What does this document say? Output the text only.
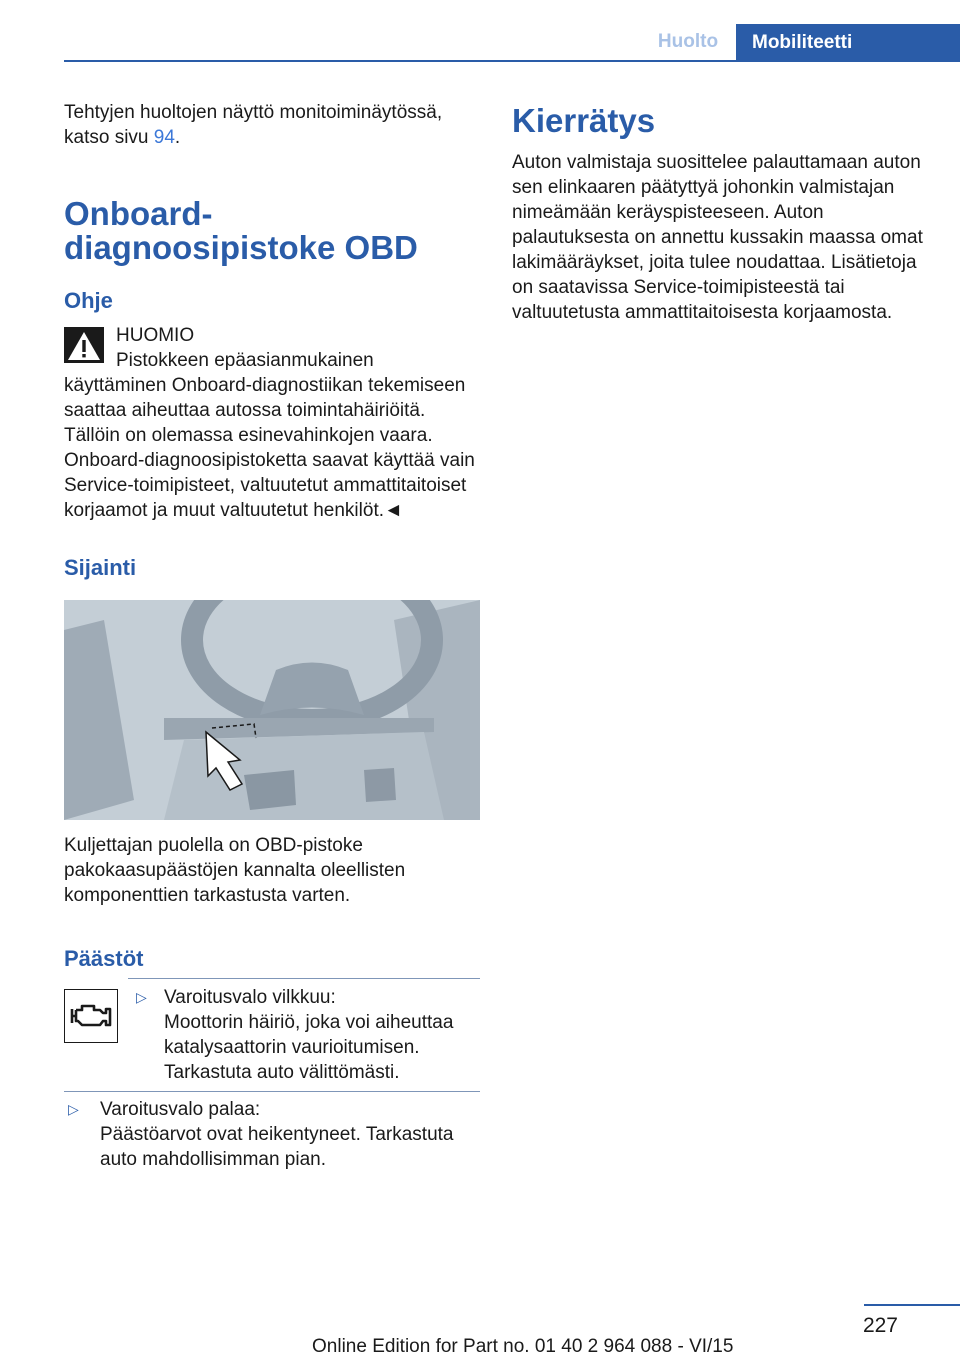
Huolto	Mobiliteetti

Tehtyjen huoltojen näyttö monitoiminäytössä, katso sivu 94.

Onboard-diagnoosipistoke OBD
Ohje

HUOMIO

Pistokkeen epäasianmukainen käyttäminen Onboard-diagnostiikan tekemiseen saattaa aiheuttaa autossa toimintahäiriöitä. Tällöin on olemassa esinevahinkojen vaara. Onboard-diagnoosipistoketta saavat käyttää vain Service-toimipisteet, valtuutetut ammattitaitoiset korjaamot ja muut valtuutetut henkilöt.◄

Sijainti

Kuljettajan puolella on OBD-pistoke pakokaasupäästöjen kannalta oleellisten komponenttien tarkastusta varten.

Päästöt
▷ Varoitusvalo vilkkuu:

Moottorin häiriö, joka voi aiheuttaa katalysaattorin vaurioitumisen. Tarkastuta auto välittömästi.

▷ Varoitusvalo palaa:

Päästöarvot ovat heikentyneet. Tarkastuta auto mahdollisimman pian.

Kierrätys

Auton valmistaja suosittelee palauttamaan auton sen elinkaaren päätyttyä johonkin valmistajan nimeämään keräyspisteeseen. Auton palautuksesta on annettu kussakin maassa omat lakimääräykset, joita tulee noudattaa. Lisätietoja on saatavissa Service-toimipisteestä tai valtuutetusta ammattitaitoisesta korjaamosta.

227
Online Edition for Part no. 01 40 2 964 088 - VI/15
